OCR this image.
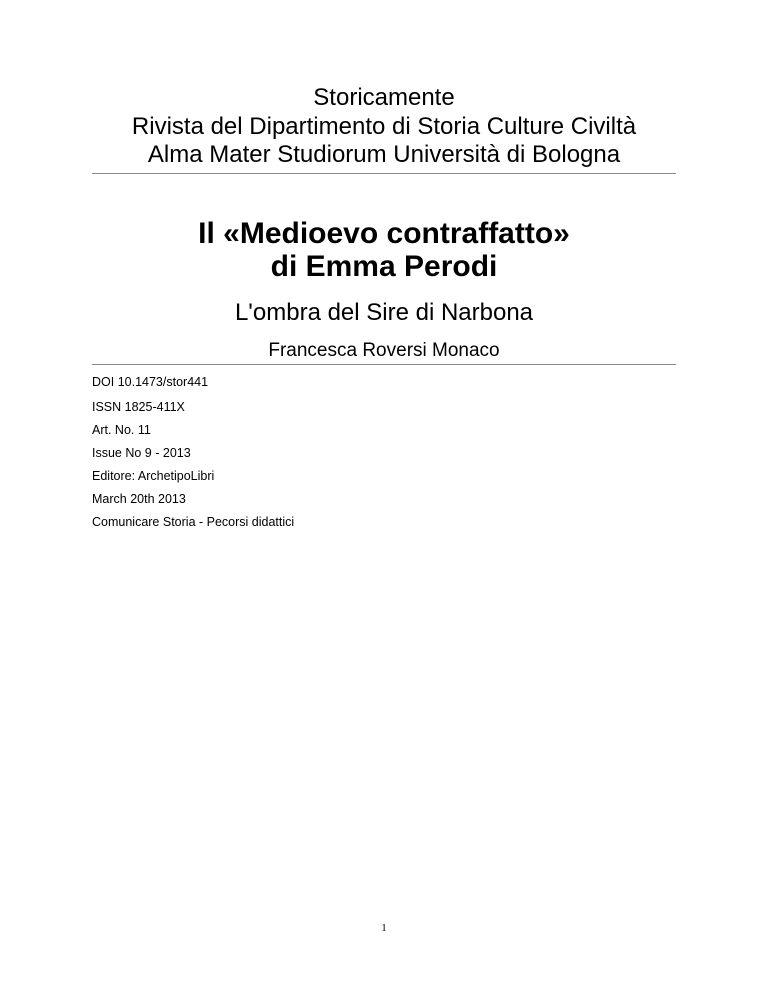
Storicamente
Rivista del Dipartimento di Storia Culture Civiltà
Alma Mater Studiorum Università di Bologna
Il «Medioevo contraffatto»
di Emma Perodi
L'ombra del Sire di Narbona
Francesca Roversi Monaco
DOI 10.1473/stor441
ISSN 1825-411X
Art. No. 11
Issue No 9 - 2013
Editore: ArchetipoLibri
March 20th 2013
Comunicare Storia - Pecorsi didattici
1
